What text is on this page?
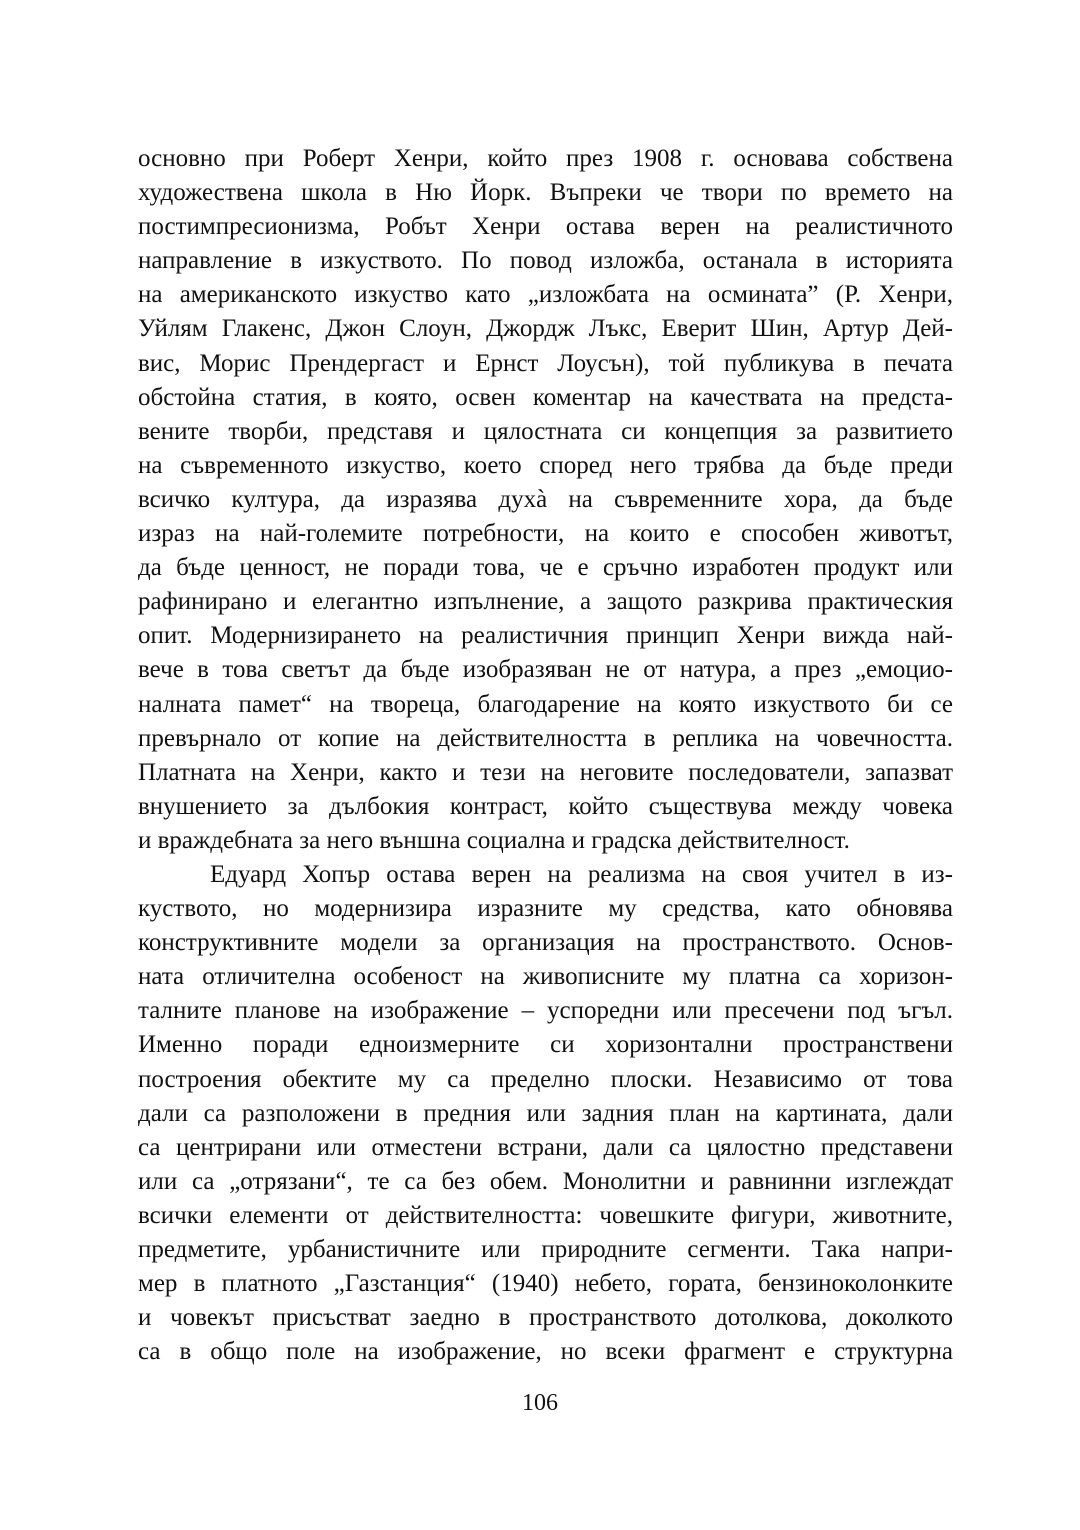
основно при Роберт Хенри, който през 1908 г. основава собствена
художествена школа в Ню Йорк. Въпреки че твори по времето на
постимпресионизма, Робът Хенри остава верен на реалистичното
направление в изкуството. По повод изложба, останала в историята
на американското изкуство като „изложбата на осмината” (Р. Хенри,
Уйлям Глакенс, Джон Слоун, Джордж Лъкс, Еверит Шин, Артур Дей-
вис, Морис Прендергаст и Ернст Лоусън), той публикува в печата
обстойна статия, в която, освен коментар на качествата на предста-
вените творби, представя и цялостната си концепция за развитието
на съвременното изкуство, което според него трябва да бъде преди
всичко култура, да изразява духà на съвременните хора, да бъде
израз на най-големите потребности, на които е способен животът,
да бъде ценност, не поради това, че е сръчно изработен продукт или
рафинирано и елегантно изпълнение, а защото разкрива практическия
опит. Модернизирането на реалистичния принцип Хенри вижда най-
вече в това светът да бъде изобразяван не от натура, а през „емоцио-
налната памет“ на твореца, благодарение на която изкуството би се
превърнало от копие на действителността в реплика на човечността.
Платната на Хенри, както и тези на неговите последователи, запазват
внушението за дълбокия контраст, който съществува между човека
и враждебната за него външна социална и градска действителност.
Едуард Хопър остава верен на реализма на своя учител в из-
куството, но модернизира изразните му средства, като обновява
конструктивните модели за организация на пространството. Основ-
ната отличителна особеност на живописните му платна са хоризон-
талните планове на изображение – успоредни или пресечени под ъгъл.
Именно поради едноизмерните си хоризонтални пространствени
построения обектите му са пределно плоски. Независимо от това
дали са разположени в предния или задния план на картината, дали
са центрирани или отместени встрани, дали са цялостно представени
или са „отрязани“, те са без обем. Монолитни и равнинни изглеждат
всички елементи от действителността: човешките фигури, животните,
предметите, урбанистичните или природните сегменти. Така напри-
мер в платното „Газстанция“ (1940) небето, гората, бензиноколонките
и човекът присъстват заедно в пространството дотолкова, доколкото
са в общо поле на изображение, но всеки фрагмент е структурна
106
